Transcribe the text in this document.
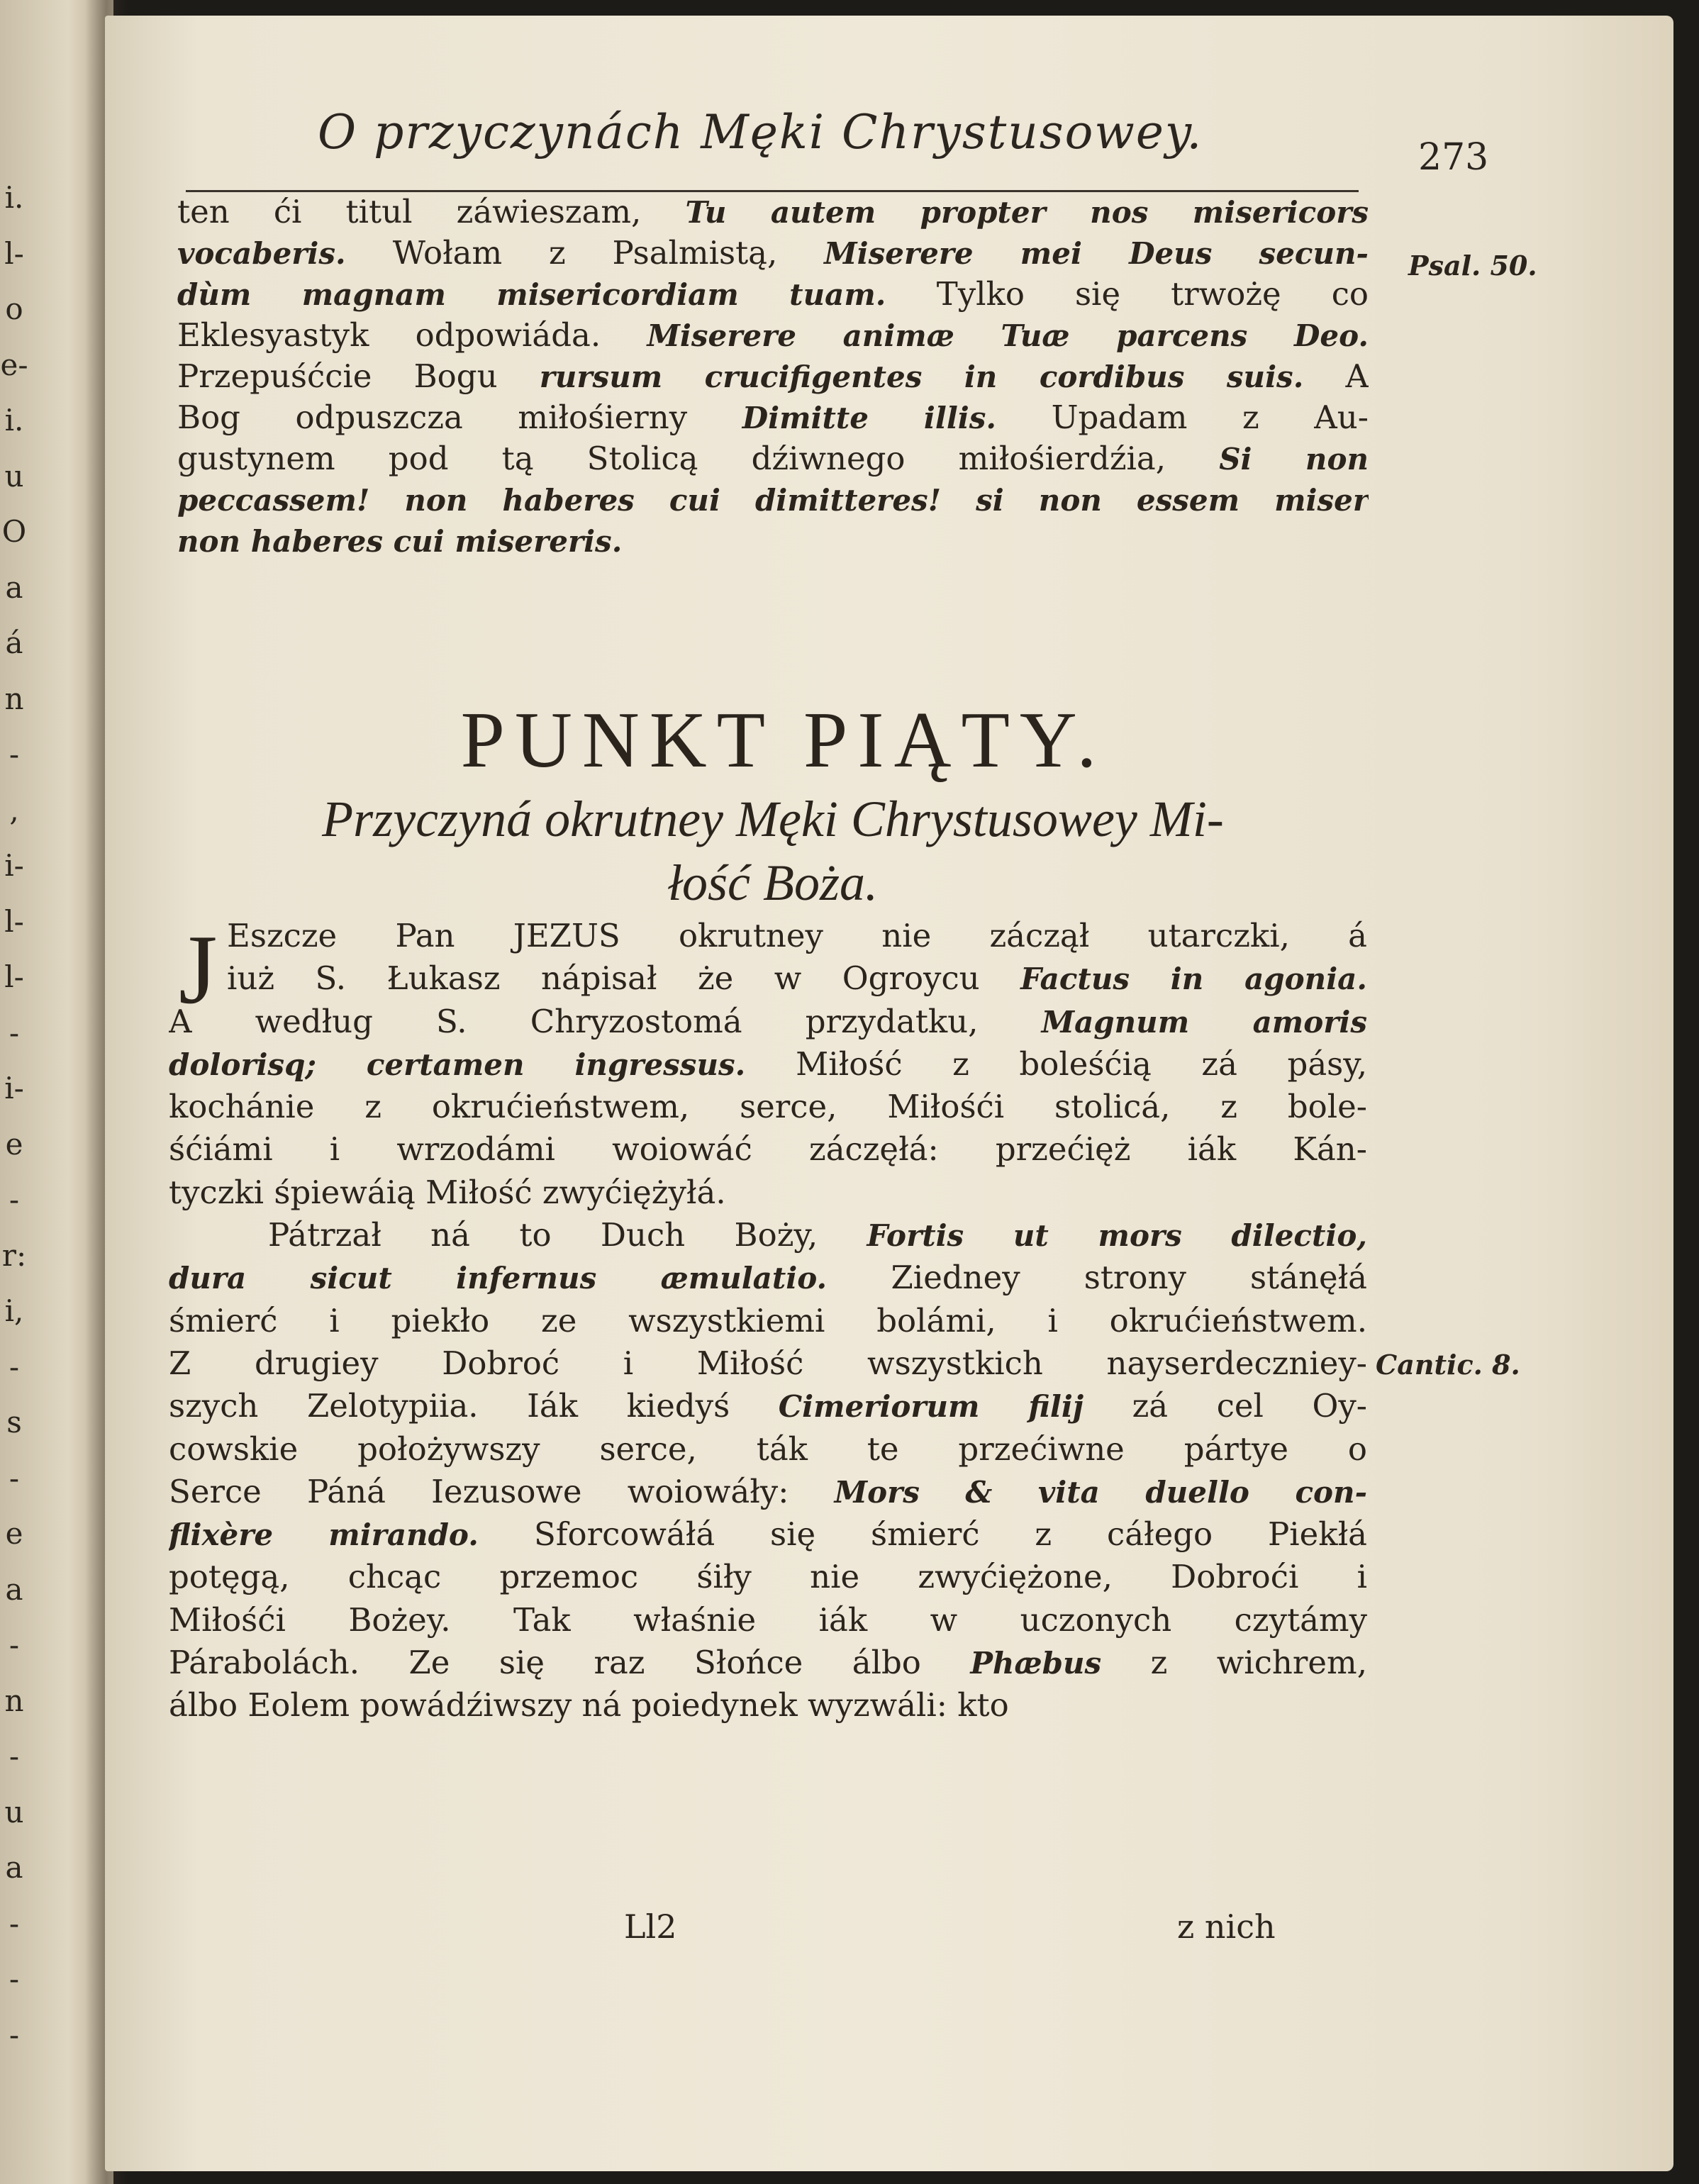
i.
l-
o
e-
i.
u
O
a
á
n
-
,
i-
l-
l-
-
i-
e
-
r:
i,
-
s
-
e
a
-
n
-
u
a
-
-
-
O przyczynách Męki Chrystusowey.	273
ten ći titul záwieszam, Tu autem propter nos misericors
vocaberis. Wołam z Psalmistą, Miserere mei Deus secun-
dùm magnam misericordiam tuam. Tylko się trwożę co
Eklesyastyk odpowiáda. Miserere animæ Tuæ parcens Deo.
Przepuśćcie Bogu rursum crucifigentes in cordibus suis. A
Bog odpuszcza miłośierny Dimitte illis. Upadam z Au-
gustynem pod tą Stolicą dźiwnego miłośierdźia, Si non
peccassem! non haberes cui dimitteres! si non essem miser
non haberes cui misereris.
Psal. 50.
PUNKT PIĄTY.
Przyczyná okrutney Męki Chrystusowey Mi-
łość Boża.
J Eszcze Pan JEZUS okrutney nie záczął utarczki, á
iuż S. Łukasz nápisał że w Ogroycu Factus in agonia.
A według S. Chryzostomá przydatku, Magnum amoris
dolorisq; certamen ingressus. Miłość z boleśćią zá pásy,
kochánie z okrućieństwem, serce, Miłośći stolicá, z bole-
śćiámi i wrzodámi woiowáć záczęłá: przećięż iák Kán-
tyczki śpiewáią Miłość zwyćiężyłá.
Pátrzał ná to Duch Boży, Fortis ut mors dilectio,
dura sicut infernus æmulatio. Ziedney strony stánęłá
śmierć i piekło ze wszystkiemi bolámi, i okrućieństwem.
Z drugiey Dobroć i Miłość wszystkich nayserdeczniey-
szych Zelotypiia. Iák kiedyś Cimeriorum filij zá cel Oy-
cowskie położywszy serce, ták te przećiwne pártye o
Serce Páná Iezusowe woiowáły: Mors & vita duello con-
flixère mirando. Sforcowáłá się śmierć z cáłego Piekłá
potęgą, chcąc przemoc śiły nie zwyćiężone, Dobroći i
Miłośći Bożey. Tak właśnie iák w uczonych czytámy
Párabolách. Ze się raz Słońce álbo Phæbus z wichrem,
álbo Eolem powádźiwszy ná poiedynek wyzwáli: kto
Cantic. 8.
Ll2	z nich
